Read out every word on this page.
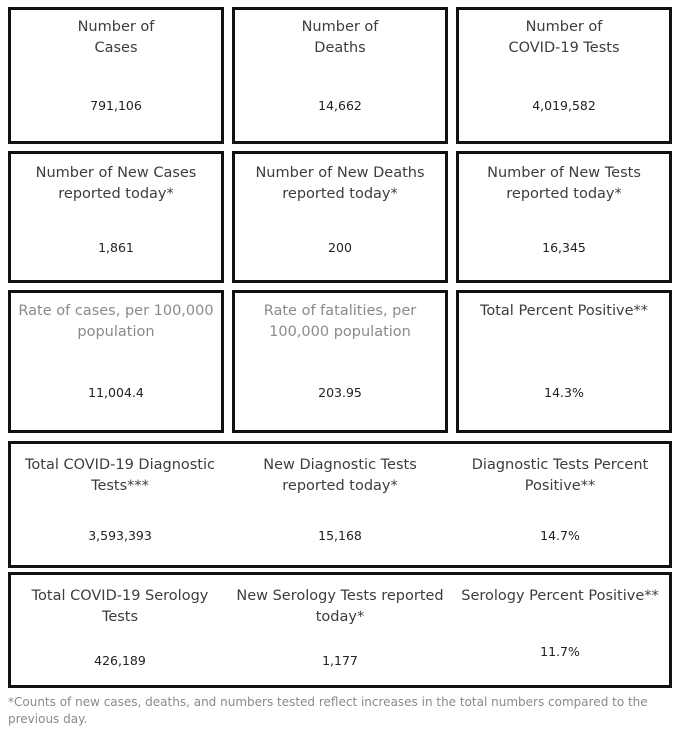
Number of
Cases
791,106
Number of
Deaths
14,662
Number of
COVID-19 Tests
4,019,582
Number of New Cases
reported today*
1,861
Number of New Deaths
reported today*
200
Number of New Tests
reported today*
16,345
Rate of cases, per 100,000
population
11,004.4
Rate of fatalities, per
100,000 population
203.95
Total Percent Positive**
14.3%
Total COVID-19 Diagnostic
Tests***
3,593,393
New Diagnostic Tests
reported today*
15,168
Diagnostic Tests Percent
Positive**
14.7%
Total COVID-19 Serology
Tests
426,189
New Serology Tests reported
today*
1,177
Serology Percent Positive**
11.7%
*Counts of new cases, deaths, and numbers tested reflect increases in the total numbers compared to the previous day.
